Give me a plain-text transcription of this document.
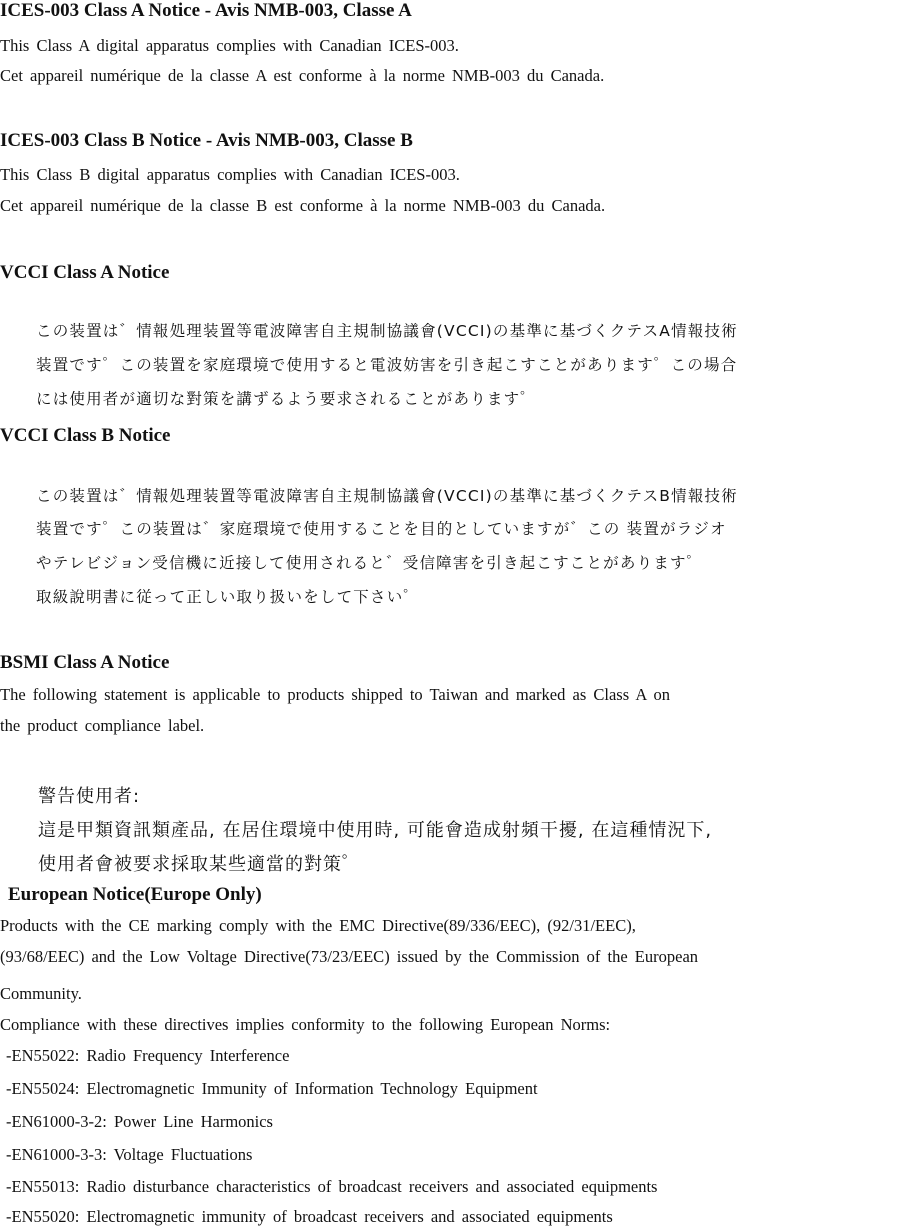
ICES-003 Class A Notice - Avis NMB-003, Classe A
This Class A digital apparatus complies with Canadian ICES-003.
Cet appareil numérique de la classe A est conforme à la norme NMB-003 du Canada.
ICES-003 Class B Notice - Avis NMB-003, Classe B
This Class B digital apparatus complies with Canadian ICES-003.
Cet appareil numérique de la classe B est conforme à la norme NMB-003 du Canada.
VCCI Class A Notice
この装置は゛情報処理装置等電波障害自主規制協議會(VCCI)の基準に基づくクテスA情報技術
装置です゜この装置を家庭環境で使用すると電波妨害を引き起こすことがあります゜この場合
には使用者が適切な對策を講ずるよう要求されることがあります゜
VCCI Class B Notice
この装置は゛情報処理装置等電波障害自主規制協議會(VCCI)の基準に基づくクテスB情報技術
装置です゜この装置は゛家庭環境で使用することを目的としていますが゛この 装置がラジオ
やテレビジョン受信機に近接して使用されると゛受信障害を引き起こすことがあります゜
取級說明書に従って正しい取り扱いをして下さい゜
BSMI Class A Notice
The following statement is applicable to products shipped to Taiwan and marked as Class A on
the product compliance label.
警告使用者:
這是甲類資訊類產品, 在居住環境中使用時, 可能會造成射頻干擾, 在這種情況下,
使用者會被要求採取某些適當的對策゜
European Notice(Europe Only)
Products with the CE marking comply with the EMC Directive(89/336/EEC), (92/31/EEC),
(93/68/EEC) and the Low Voltage Directive(73/23/EEC) issued by the Commission of the European
Community.
Compliance with these directives implies conformity to the following European Norms:
-EN55022: Radio Frequency Interference
-EN55024: Electromagnetic Immunity of Information Technology Equipment
-EN61000-3-2: Power Line Harmonics
-EN61000-3-3: Voltage Fluctuations
-EN55013: Radio disturbance characteristics of broadcast receivers and associated equipments
-EN55020: Electromagnetic immunity of broadcast receivers and associated equipments
